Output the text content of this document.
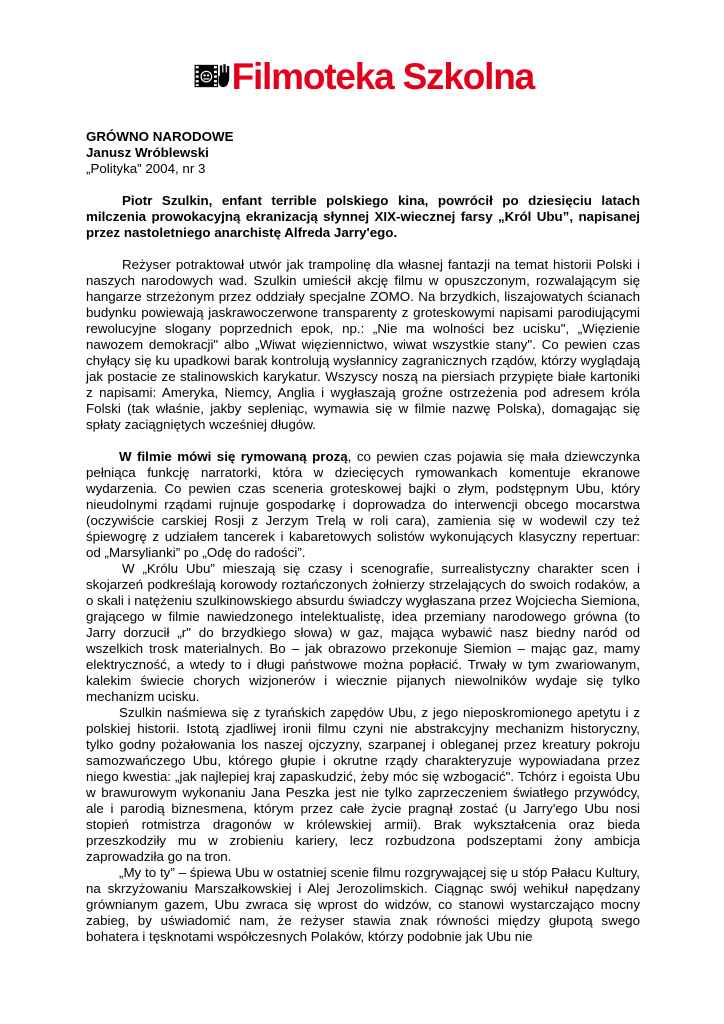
Filmoteka Szkolna
GRÓWNO NARODOWE
Janusz Wróblewski
„Polityka” 2004, nr 3

Piotr Szulkin, enfant terrible polskiego kina, powrócił po dziesięciu latach milczenia prowokacyjną ekranizacją słynnej XIX-wiecznej farsy „Król Ubu”, napisanej przez nastoletniego anarchistę Alfreda Jarry'ego.

Reżyser potraktował utwór jak trampolinę dla własnej fantazji na temat historii Polski i naszych narodowych wad. Szulkin umieścił akcję filmu w opuszczonym, rozwalającym się hangarze strzeżonym przez oddziały specjalne ZOMO. Na brzydkich, liszajowatych ścianach budynku powiewają jaskrawoczerwone transparenty z groteskowymi napisami parodiującymi rewolucyjne slogany poprzednich epok, np.: „Nie ma wolności bez ucisku", „Więzienie nawozem demokracji" albo „Wiwat więziennictwo, wiwat wszystkie stany". Co pewien czas chyłący się ku upadkowi barak kontrolują wysłannicy zagranicznych rządów, którzy wyglądają jak postacie ze stalinowskich karykatur. Wszyscy noszą na piersiach przypięte białe kartoniki z napisami: Ameryka, Niemcy, Anglia i wygłaszają groźne ostrzeżenia pod adresem króla Folski (tak właśnie, jakby sepleniąc, wymawia się w filmie nazwę Polska), domagając się spłaty zaciągniętych wcześniej długów.

W filmie mówi się rymowaną prozą, co pewien czas pojawia się mała dziewczynka pełniąca funkcję narratorki, która w dziecięcych rymowankach komentuje ekranowe wydarzenia. Co pewien czas sceneria groteskowej bajki o złym, podstępnym Ubu, który nieudolnymi rządami rujnuje gospodarkę i doprowadza do interwencji obcego mocarstwa (oczywiście carskiej Rosji z Jerzym Trelą w roli cara), zamienia się w wodewil czy też śpiewogrę z udziałem tancerek i kabaretowych solistów wykonujących klasyczny repertuar: od „Marsylianki” po „Odę do radości”.

W „Królu Ubu” mieszają się czasy i scenografie, surrealistyczny charakter scen i skojarzeń podkreślają korowody roztańczonych żołnierzy strzelających do swoich rodaków, a o skali i natężeniu szulkinowskiego absurdu świadczy wygłaszana przez Wojciecha Siemiona, grającego w filmie nawiedzonego intelektualistę, idea przemiany narodowego grówna (to Jarry dorzucił „r" do brzydkiego słowa) w gaz, mająca wybawić nasz biedny naród od wszelkich trosk materialnych. Bo – jak obrazowo przekonuje Siemion – mając gaz, mamy elektryczność, a wtedy to i długi państwowe można popłacić. Trwały w tym zwariowanym, kalekim świecie chorych wizjonerów i wiecznie pijanych niewolników wydaje się tylko mechanizm ucisku.

Szulkin naśmiewa się z tyrańskich zapędów Ubu, z jego nieposkromionego apetytu i z polskiej historii. Istotą zjadliwej ironii filmu czyni nie abstrakcyjny mechanizm historyczny, tylko godny pożałowania los naszej ojczyzny, szarpanej i obleganej przez kreatury pokroju samozwańczego Ubu, którego głupie i okrutne rządy charakteryzuje wypowiadana przez niego kwestia: „jak najlepiej kraj zapaskudzić, żeby móc się wzbogacić". Tchórz i egoista Ubu w brawurowym wykonaniu Jana Peszka jest nie tylko zaprzeczeniem światłego przywódcy, ale i parodią biznesmena, którym przez całe życie pragnął zostać (u Jarry'ego Ubu nosi stopień rotmistrza dragonów w królewskiej armii). Brak wykształcenia oraz bieda przeszkodziły mu w zrobieniu kariery, lecz rozbudzona podszeptami żony ambicja zaprowadziła go na tron.

„My to ty” – śpiewa Ubu w ostatniej scenie filmu rozgrywającej się u stóp Pałacu Kultury, na skrzyżowaniu Marszałkowskiej i Alej Jerozolimskich. Ciągnąc swój wehikuł napędzany grównianym gazem, Ubu zwraca się wprost do widzów, co stanowi wystarczająco mocny zabieg, by uświadomić nam, że reżyser stawia znak równości między głupotą swego bohatera i tęsknotami współczesnych Polaków, którzy podobnie jak Ubu nie
